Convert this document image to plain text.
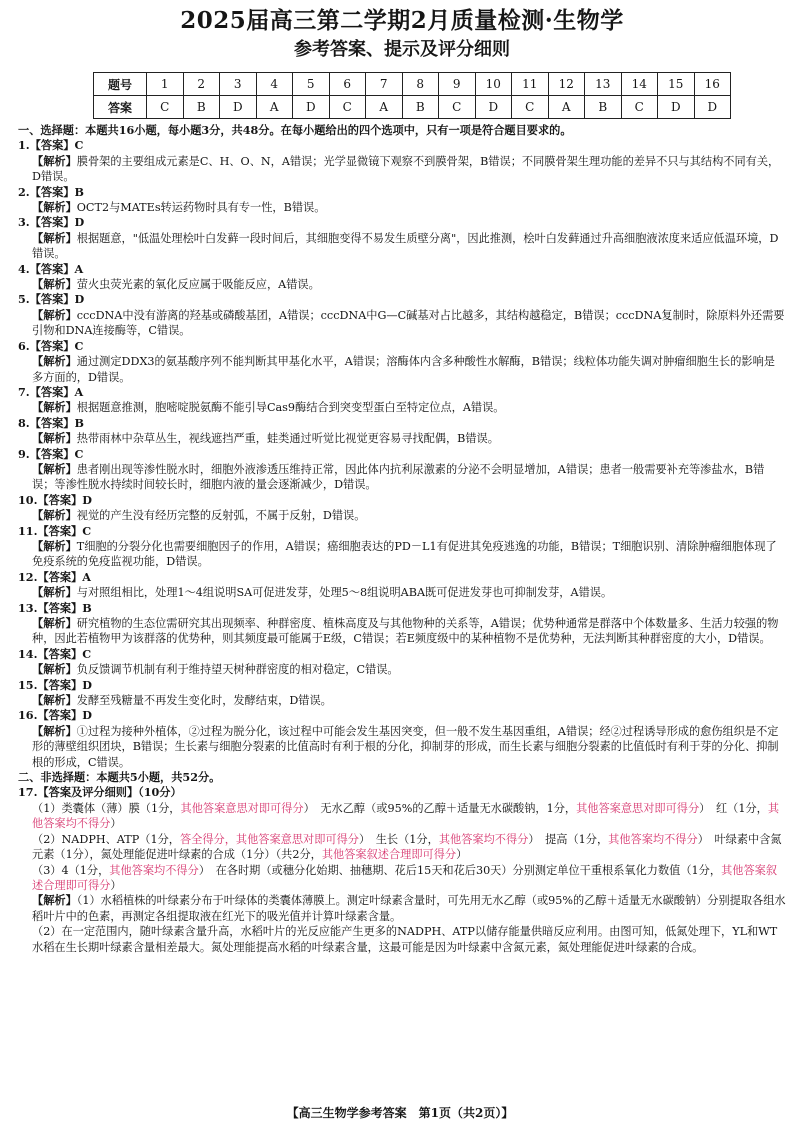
2025届高三第二学期2月质量检测·生物学
参考答案、提示及评分细则
题号	1	2	3	4	5	6	7	8	9	10	11	12	13	14	15	16
答案	C	B	D	A	D	C	A	B	C	D	C	A	B	C	D	D

一、选择题：本题共16小题，每小题3分，共48分。在每小题给出的四个选项中，只有一项是符合题目要求的。

1.【答案】C

【解析】膜骨架的主要组成元素是C、H、O、N，A错误；光学显微镜下观察不到膜骨架，B错误；不同膜骨架生理功能的差异不只与其结构不同有关，D错误。

2.【答案】B

【解析】OCT2与MATEs转运药物时具有专一性，B错误。

3.【答案】D

【解析】根据题意，"低温处理桧叶白发藓一段时间后，其细胞变得不易发生质壁分离"，因此推测，桧叶白发藓通过升高细胞液浓度来适应低温环境，D错误。

4.【答案】A

【解析】萤火虫荧光素的氧化反应属于吸能反应，A错误。

5.【答案】D

【解析】cccDNA中没有游离的羟基或磷酸基团，A错误；cccDNA中G—C碱基对占比越多，其结构越稳定，B错误；cccDNA复制时，除原料外还需要引物和DNA连接酶等，C错误。

6.【答案】C

【解析】通过测定DDX3的氨基酸序列不能判断其甲基化水平，A错误；溶酶体内含多种酸性水解酶，B错误；线粒体功能失调对肿瘤细胞生长的影响是多方面的，D错误。

7.【答案】A

【解析】根据题意推测，胞嘧啶脱氨酶不能引导Cas9酶结合到突变型蛋白至特定位点，A错误。

8.【答案】B

【解析】热带雨林中杂草丛生，视线遮挡严重，蛙类通过听觉比视觉更容易寻找配偶，B错误。

9.【答案】C

【解析】患者刚出现等渗性脱水时，细胞外液渗透压维持正常，因此体内抗利尿激素的分泌不会明显增加，A错误；患者一般需要补充等渗盐水，B错误；等渗性脱水持续时间较长时，细胞内液的量会逐渐减少，D错误。

10.【答案】D

【解析】视觉的产生没有经历完整的反射弧，不属于反射，D错误。

11.【答案】C

【解析】T细胞的分裂分化也需要细胞因子的作用，A错误；癌细胞表达的PD－L1有促进其免疫逃逸的功能，B错误；T细胞识别、清除肿瘤细胞体现了免疫系统的免疫监视功能，D错误。

12.【答案】A

【解析】与对照组相比，处理1～4组说明SA可促进发芽，处理5～8组说明ABA既可促进发芽也可抑制发芽，A错误。

13.【答案】B

【解析】研究植物的生态位需研究其出现频率、种群密度、植株高度及与其他物种的关系等，A错误；优势种通常是群落中个体数量多、生活力较强的物种，因此若植物甲为该群落的优势种，则其频度最可能属于E级，C错误；若E频度级中的某种植物不是优势种，无法判断其种群密度的大小，D错误。

14.【答案】C

【解析】负反馈调节机制有利于维持望天树种群密度的相对稳定，C错误。

15.【答案】D

【解析】发酵至残糖量不再发生变化时，发酵结束，D错误。

16.【答案】D

【解析】①过程为接种外植体，②过程为脱分化，该过程中可能会发生基因突变，但一般不发生基因重组，A错误；经②过程诱导形成的愈伤组织是不定形的薄壁组织团块，B错误；生长素与细胞分裂素的比值高时有利于根的分化，抑制芽的形成，而生长素与细胞分裂素的比值低时有利于芽的分化、抑制根的形成，C错误。

二、非选择题：本题共5小题，共52分。

17.【答案及评分细则】（10分）

（1）类囊体（薄）膜（1分，其他答案意思对即可得分）　无水乙醇（或95%的乙醇＋适量无水碳酸钠，1分，其他答案意思对即可得分）　红（1分，其他答案均不得分）

（2）NADPH、ATP（1分，答全得分，其他答案意思对即可得分）　生长（1分，其他答案均不得分）　提高（1分，其他答案均不得分）　叶绿素中含氮元素（1分），氮处理能促进叶绿素的合成（1分）（共2分，其他答案叙述合理即可得分）

（3）4（1分，其他答案均不得分）　在各时期（或穗分化始期、抽穗期、花后15天和花后30天）分别测定单位干重根系氧化力数值（1分，其他答案叙述合理即可得分）

【解析】（1）水稻植株的叶绿素分布于叶绿体的类囊体薄膜上。测定叶绿素含量时，可先用无水乙醇（或95%的乙醇＋适量无水碳酸钠）分别提取各组水稻叶片中的色素，再测定各组提取液在红光下的吸光值并计算叶绿素含量。

（2）在一定范围内，随叶绿素含量升高，水稻叶片的光反应能产生更多的NADPH、ATP以储存能量供暗反应利用。由图可知，低氮处理下，YL和WT水稻在生长期叶绿素含量相差最大。氮处理能提高水稻的叶绿素含量，这最可能是因为叶绿素中含氮元素，氮处理能促进叶绿素的合成。

【高三生物学参考答案　第1页（共2页）】
